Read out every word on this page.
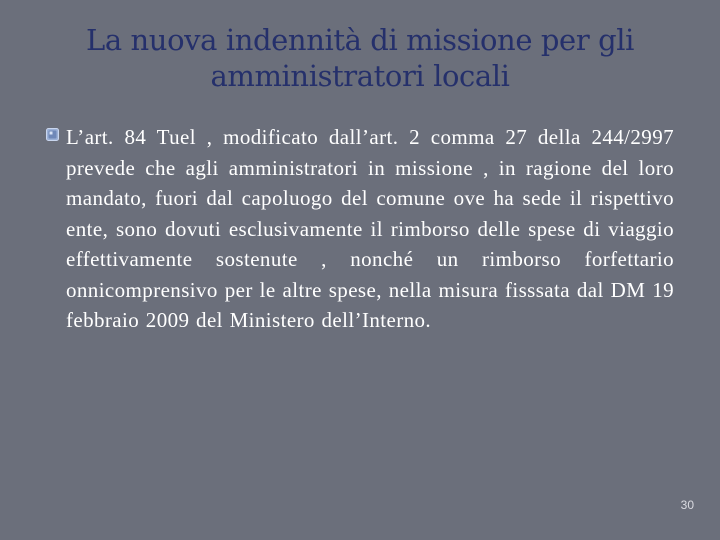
La nuova indennità di missione per gli
amministratori locali

L’art. 84 Tuel , modificato dall’art. 2 comma 27 della 244/2997 prevede che agli amministratori in missione , in ragione del loro mandato, fuori dal capoluogo del comune ove ha sede il rispettivo ente, sono dovuti esclusivamente il rimborso delle spese di viaggio effettivamente sostenute , nonché un rimborso forfettario onnicomprensivo per le altre spese, nella misura fisssata dal DM 19 febbraio 2009 del Ministero dell’Interno.

30
